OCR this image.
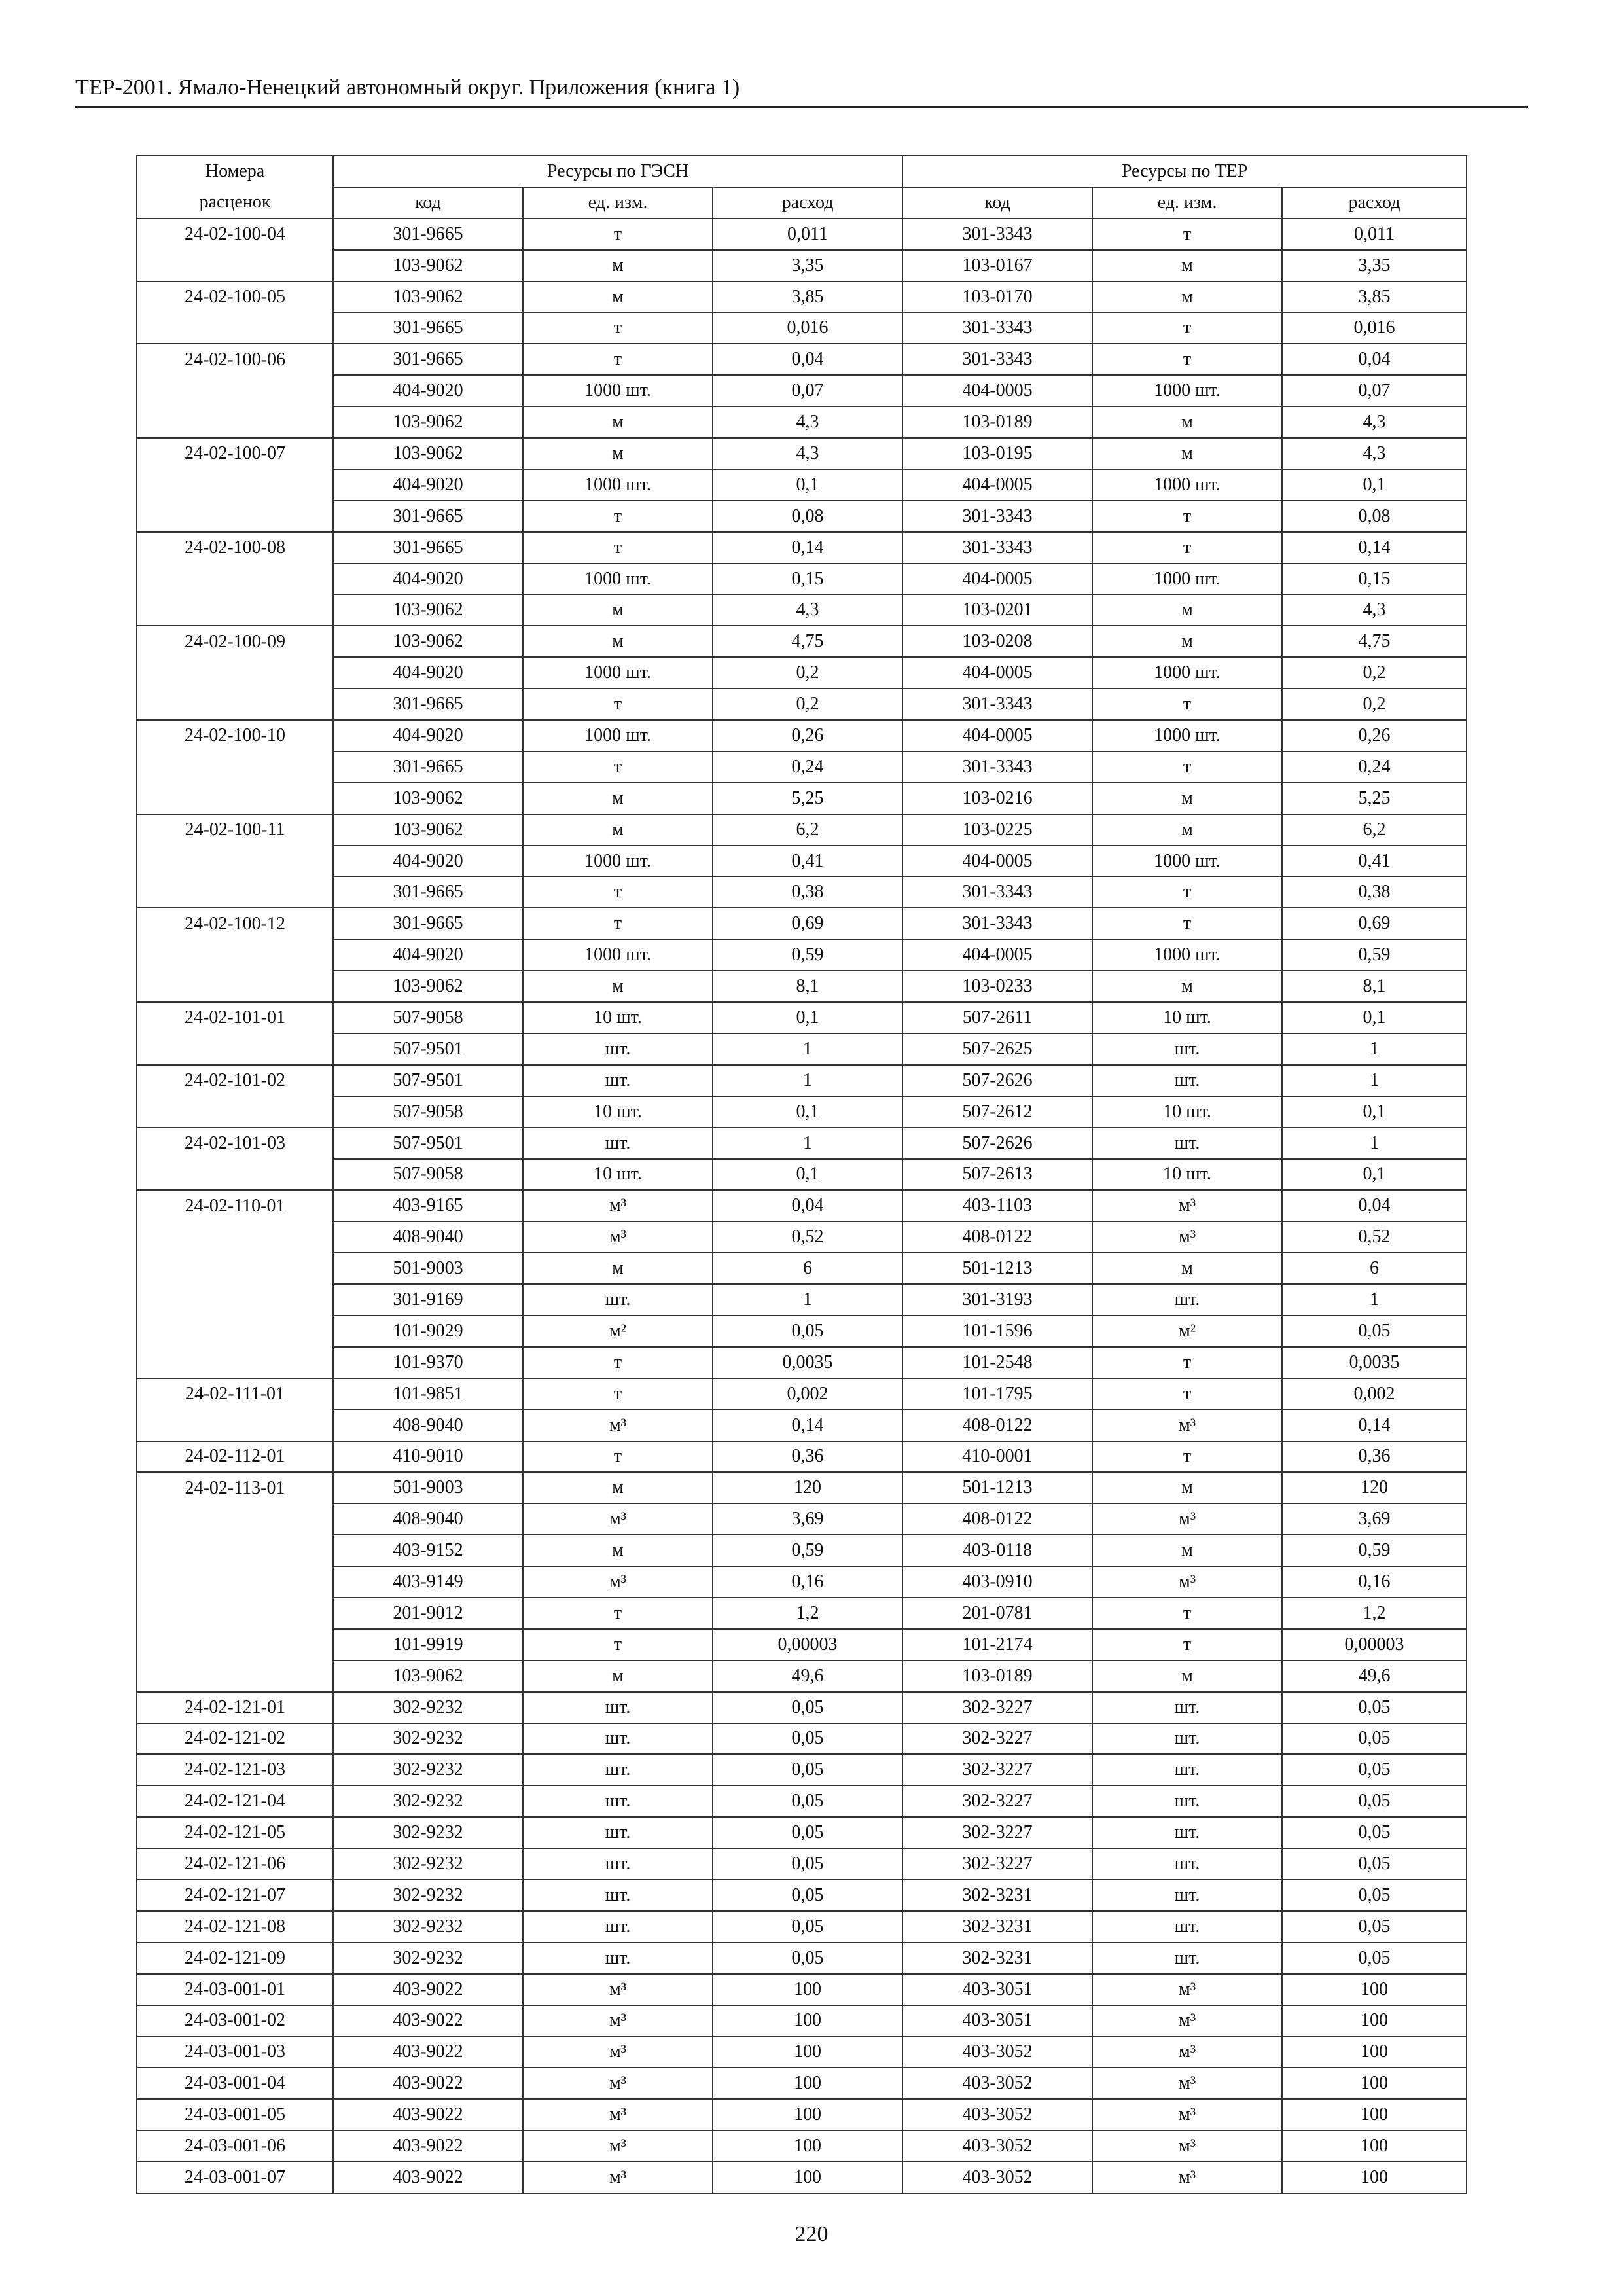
ТЕР-2001. Ямало-Ненецкий автономный округ. Приложения (книга 1)
Номера	Ресурсы по ГЭСН			Ресурсы по ТЕР		
расценок	код	ед. изм.	расход	код	ед. изм.	расход
24-02-100-04	301-9665	т	0,011	301-3343	т	0,011
	103-9062	м	3,35	103-0167	м	3,35
24-02-100-05	103-9062	м	3,85	103-0170	м	3,85
	301-9665	т	0,016	301-3343	т	0,016
24-02-100-06	301-9665	т	0,04	301-3343	т	0,04
	404-9020	1000 шт.	0,07	404-0005	1000 шт.	0,07
	103-9062	м	4,3	103-0189	м	4,3
24-02-100-07	103-9062	м	4,3	103-0195	м	4,3
	404-9020	1000 шт.	0,1	404-0005	1000 шт.	0,1
	301-9665	т	0,08	301-3343	т	0,08
24-02-100-08	301-9665	т	0,14	301-3343	т	0,14
	404-9020	1000 шт.	0,15	404-0005	1000 шт.	0,15
	103-9062	м	4,3	103-0201	м	4,3
24-02-100-09	103-9062	м	4,75	103-0208	м	4,75
	404-9020	1000 шт.	0,2	404-0005	1000 шт.	0,2
	301-9665	т	0,2	301-3343	т	0,2
24-02-100-10	404-9020	1000 шт.	0,26	404-0005	1000 шт.	0,26
	301-9665	т	0,24	301-3343	т	0,24
	103-9062	м	5,25	103-0216	м	5,25
24-02-100-11	103-9062	м	6,2	103-0225	м	6,2
	404-9020	1000 шт.	0,41	404-0005	1000 шт.	0,41
	301-9665	т	0,38	301-3343	т	0,38
24-02-100-12	301-9665	т	0,69	301-3343	т	0,69
	404-9020	1000 шт.	0,59	404-0005	1000 шт.	0,59
	103-9062	м	8,1	103-0233	м	8,1
24-02-101-01	507-9058	10 шт.	0,1	507-2611	10 шт.	0,1
	507-9501	шт.	1	507-2625	шт.	1
24-02-101-02	507-9501	шт.	1	507-2626	шт.	1
	507-9058	10 шт.	0,1	507-2612	10 шт.	0,1
24-02-101-03	507-9501	шт.	1	507-2626	шт.	1
	507-9058	10 шт.	0,1	507-2613	10 шт.	0,1
24-02-110-01	403-9165	м³	0,04	403-1103	м³	0,04
	408-9040	м³	0,52	408-0122	м³	0,52
	501-9003	м	6	501-1213	м	6
	301-9169	шт.	1	301-3193	шт.	1
	101-9029	м²	0,05	101-1596	м²	0,05
	101-9370	т	0,0035	101-2548	т	0,0035
24-02-111-01	101-9851	т	0,002	101-1795	т	0,002
	408-9040	м³	0,14	408-0122	м³	0,14
24-02-112-01	410-9010	т	0,36	410-0001	т	0,36
24-02-113-01	501-9003	м	120	501-1213	м	120
	408-9040	м³	3,69	408-0122	м³	3,69
	403-9152	м	0,59	403-0118	м	0,59
	403-9149	м³	0,16	403-0910	м³	0,16
	201-9012	т	1,2	201-0781	т	1,2
	101-9919	т	0,00003	101-2174	т	0,00003
	103-9062	м	49,6	103-0189	м	49,6
24-02-121-01	302-9232	шт.	0,05	302-3227	шт.	0,05
24-02-121-02	302-9232	шт.	0,05	302-3227	шт.	0,05
24-02-121-03	302-9232	шт.	0,05	302-3227	шт.	0,05
24-02-121-04	302-9232	шт.	0,05	302-3227	шт.	0,05
24-02-121-05	302-9232	шт.	0,05	302-3227	шт.	0,05
24-02-121-06	302-9232	шт.	0,05	302-3227	шт.	0,05
24-02-121-07	302-9232	шт.	0,05	302-3231	шт.	0,05
24-02-121-08	302-9232	шт.	0,05	302-3231	шт.	0,05
24-02-121-09	302-9232	шт.	0,05	302-3231	шт.	0,05
24-03-001-01	403-9022	м³	100	403-3051	м³	100
24-03-001-02	403-9022	м³	100	403-3051	м³	100
24-03-001-03	403-9022	м³	100	403-3052	м³	100
24-03-001-04	403-9022	м³	100	403-3052	м³	100
24-03-001-05	403-9022	м³	100	403-3052	м³	100
24-03-001-06	403-9022	м³	100	403-3052	м³	100
24-03-001-07	403-9022	м³	100	403-3052	м³	100
220
